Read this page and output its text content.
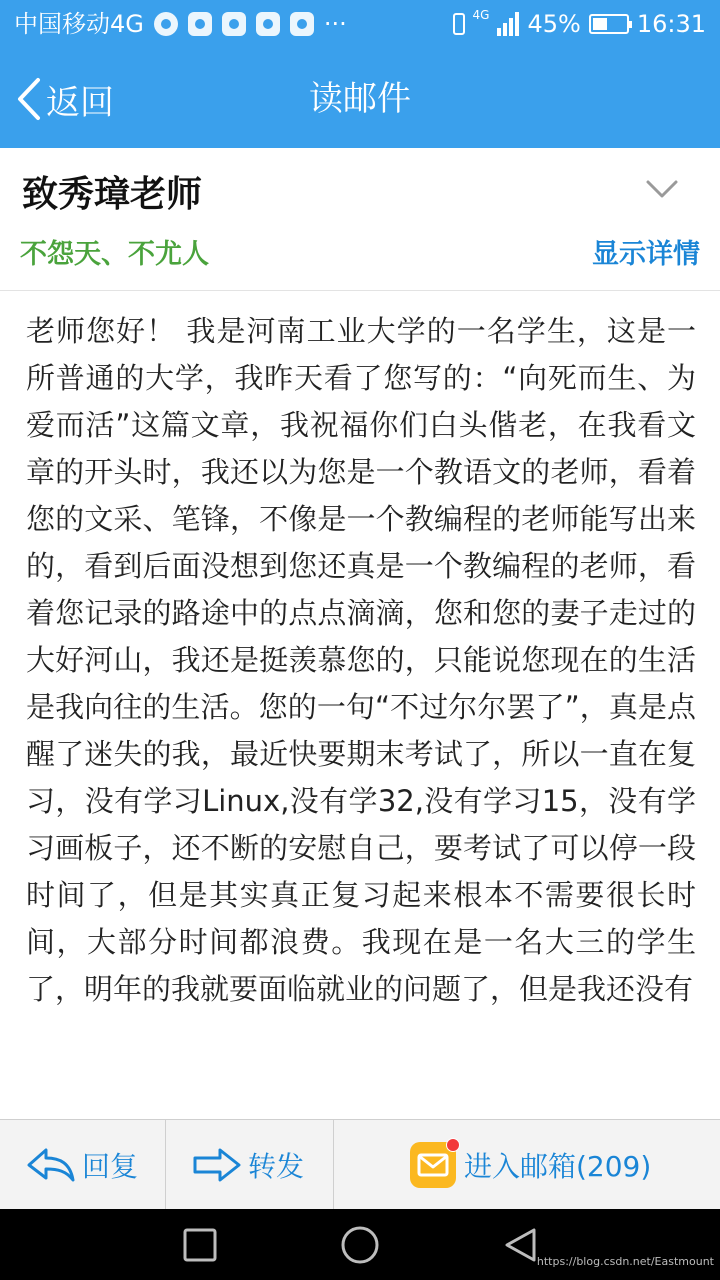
中国移动4G	···	4G 45% 16:31
返回	读邮件
致秀璋老师
不怨天、不尤人	显示详情

老师您好！ 我是河南工业大学的一名学生，这是一所普通的大学，我昨天看了您写的：“向死而生、为爱而活”这篇文章，我祝福你们白头偕老，在我看文章的开头时，我还以为您是一个教语文的老师，看着您的文采、笔锋，不像是一个教编程的老师能写出来的，看到后面没想到您还真是一个教编程的老师，看着您记录的路途中的点点滴滴，您和您的妻子走过的大好河山，我还是挺羡慕您的，只能说您现在的生活是我向往的生活。您的一句“不过尔尔罢了”，真是点醒了迷失的我，最近快要期末考试了，所以一直在复习，没有学习Linux,没有学32,没有学习15，没有学习画板子，还不断的安慰自己，要考试了可以停一段时间了，但是其实真正复习起来根本不需要很长时间，大部分时间都浪费。我现在是一名大三的学生了，明年的我就要面临就业的问题了，但是我还没有

回复	转发	进入邮箱(209)
https://blog.csdn.net/Eastmount
